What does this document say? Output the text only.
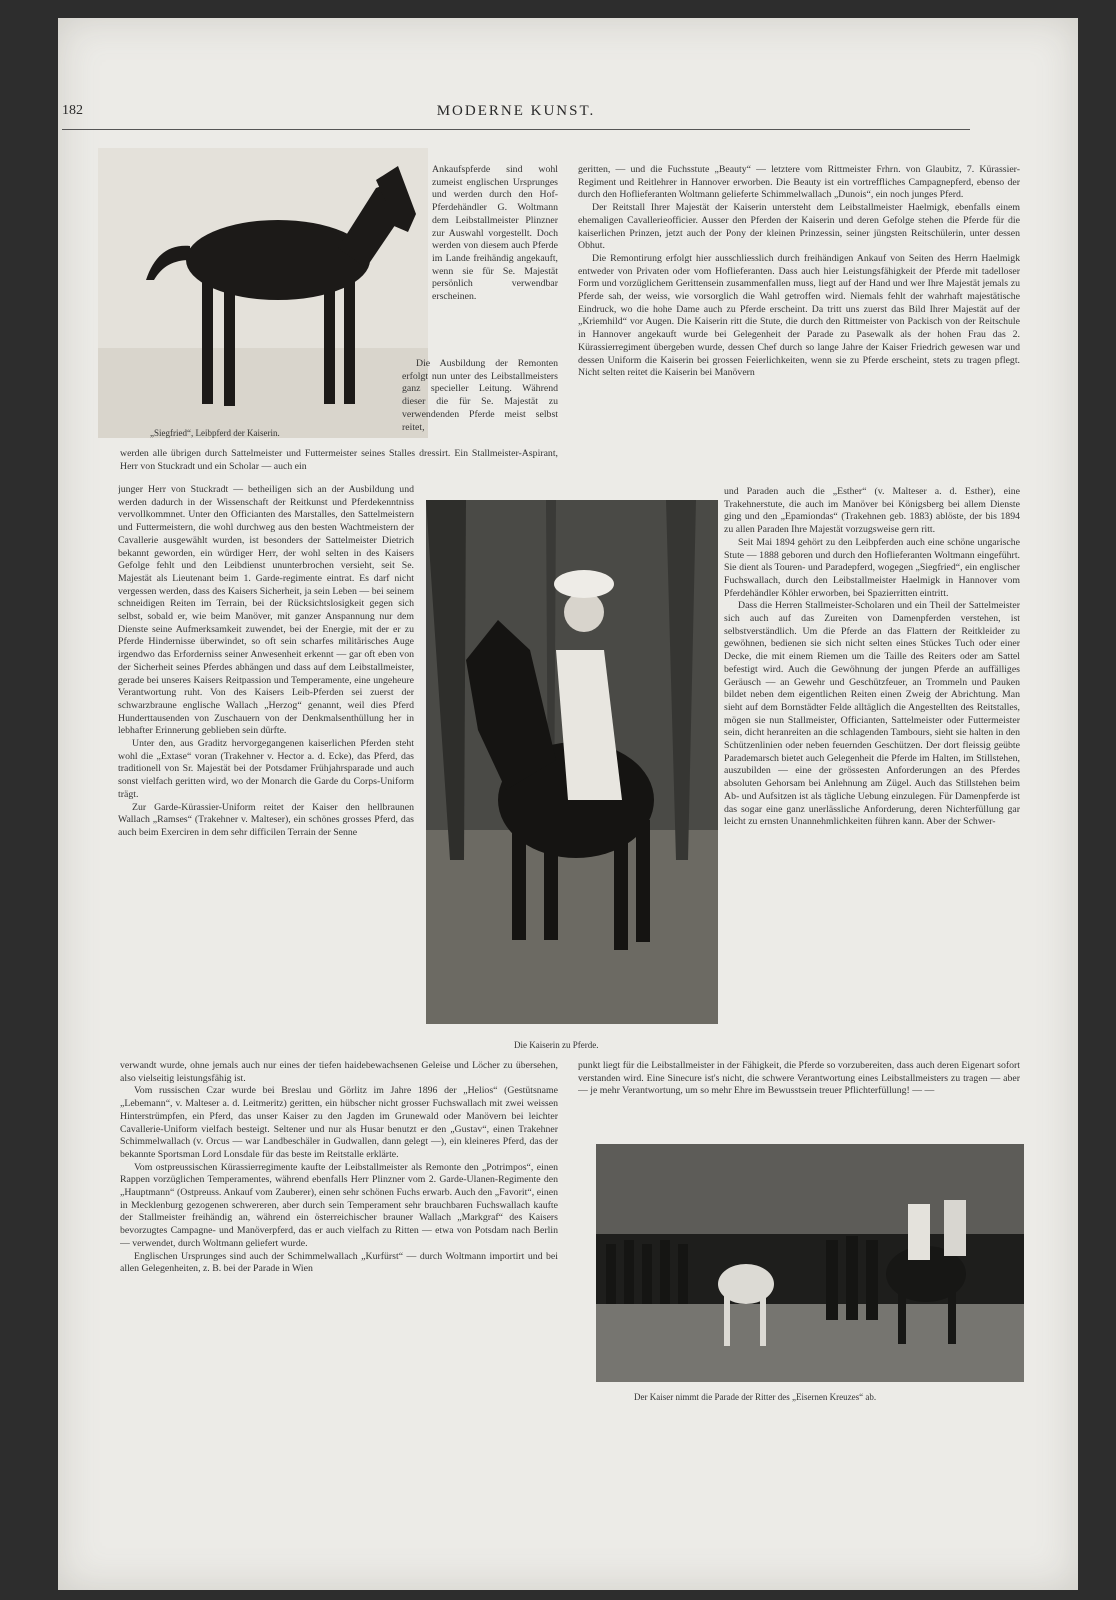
182	MODERNE KUNST.
„Siegfried“, Leibpferd der Kaiserin.

Ankaufspferde sind wohl zumeist englischen Ursprunges und werden durch den Hof-Pferdehändler G. Woltmann dem Leibstallmeister Plinzner zur Auswahl vorgestellt. Doch werden von diesem auch Pferde im Lande freihändig angekauft, wenn sie für Se. Majestät persönlich verwendbar erscheinen.

Die Ausbildung der Remonten erfolgt nun unter des Leibstallmeisters ganz specieller Leitung. Während dieser die für Se. Majestät zu verwendenden Pferde meist selbst reitet,

werden alle übrigen durch Sattelmeister und Futtermeister seines Stalles dressirt. Ein Stallmeister-Aspirant, Herr von Stuckradt und ein Scholar — auch ein

junger Herr von Stuckradt — betheiligen sich an der Ausbildung und werden dadurch in der Wissenschaft der Reitkunst und Pferdekenntniss vervollkommnet. Unter den Officianten des Marstalles, den Sattelmeistern und Futtermeistern, die wohl durchweg aus den besten Wachtmeistern der Cavallerie ausgewählt wurden, ist besonders der Sattelmeister Dietrich bekannt geworden, ein würdiger Herr, der wohl selten in des Kaisers Gefolge fehlt und den Leibdienst ununterbrochen versieht, seit Se. Majestät als Lieutenant beim 1. Garde-regimente eintrat. Es darf nicht vergessen werden, dass des Kaisers Sicherheit, ja sein Leben — bei seinem schneidigen Reiten im Terrain, bei der Rücksichtslosigkeit gegen sich selbst, sobald er, wie beim Manöver, mit ganzer Anspannung nur dem Dienste seine Aufmerksamkeit zuwendet, bei der Energie, mit der er zu Pferde Hindernisse überwindet, so oft sein scharfes militärisches Auge irgendwo das Erforderniss seiner Anwesenheit erkennt — gar oft eben von der Sicherheit seines Pferdes abhängen und dass auf dem Leibstallmeister, gerade bei unseres Kaisers Reitpassion und Temperamente, eine ungeheure Verantwortung ruht. Von des Kaisers Leib-Pferden sei zuerst der schwarzbraune englische Wallach „Herzog“ genannt, weil dies Pferd Hunderttausenden von Zuschauern von der Denkmalsenthüllung her in lebhafter Erinnerung geblieben sein dürfte.

Unter den, aus Graditz hervorgegangenen kaiserlichen Pferden steht wohl die „Extase“ voran (Trakehner v. Hector a. d. Ecke), das Pferd, das traditionell von Sr. Majestät bei der Potsdamer Frühjahrsparade und auch sonst vielfach geritten wird, wo der Monarch die Garde du Corps-Uniform trägt.

Zur Garde-Kürassier-Uniform reitet der Kaiser den hellbraunen Wallach „Ramses“ (Trakehner v. Malteser), ein schönes grosses Pferd, das auch beim Exerciren in dem sehr difficilen Terrain der Senne

Die Kaiserin zu Pferde.

verwandt wurde, ohne jemals auch nur eines der tiefen haidebewachsenen Geleise und Löcher zu übersehen, also vielseitig leistungsfähig ist.

Vom russischen Czar wurde bei Breslau und Görlitz im Jahre 1896 der „Helios“ (Gestütsname „Lebemann“, v. Malteser a. d. Leitmeritz) geritten, ein hübscher nicht grosser Fuchswallach mit zwei weissen Hinterstrümpfen, ein Pferd, das unser Kaiser zu den Jagden im Grunewald oder Manövern bei leichter Cavallerie-Uniform vielfach besteigt. Seltener und nur als Husar benutzt er den „Gustav“, einen Trakehner Schimmelwallach (v. Orcus — war Landbeschäler in Gudwallen, dann gelegt —), ein kleineres Pferd, das der bekannte Sportsman Lord Lonsdale für das beste im Reitstalle erklärte.

Vom ostpreussischen Kürassierregimente kaufte der Leibstallmeister als Remonte den „Potrimpos“, einen Rappen vorzüglichen Temperamentes, während ebenfalls Herr Plinzner vom 2. Garde-Ulanen-Regimente den „Hauptmann“ (Ostpreuss. Ankauf vom Zauberer), einen sehr schönen Fuchs erwarb. Auch den „Favorit“, einen in Mecklenburg gezogenen schwereren, aber durch sein Temperament sehr brauchbaren Fuchswallach kaufte der Stallmeister freihändig an, während ein österreichischer brauner Wallach „Markgraf“ des Kaisers bevorzugtes Campagne- und Manöverpferd, das er auch vielfach zu Ritten — etwa von Potsdam nach Berlin — verwendet, durch Woltmann geliefert wurde.

Englischen Ursprunges sind auch der Schimmelwallach „Kurfürst“ — durch Woltmann importirt und bei allen Gelegenheiten, z. B. bei der Parade in Wien

geritten, — und die Fuchsstute „Beauty“ — letztere vom Rittmeister Frhrn. von Glaubitz, 7. Kürassier-Regiment und Reitlehrer in Hannover erworben. Die Beauty ist ein vortreffliches Campagnepferd, ebenso der durch den Hoflieferanten Woltmann gelieferte Schimmelwallach „Dunois“, ein noch junges Pferd.

Der Reitstall Ihrer Majestät der Kaiserin untersteht dem Leibstallmeister Haelmigk, ebenfalls einem ehemaligen Cavallerieofficier. Ausser den Pferden der Kaiserin und deren Gefolge stehen die Pferde für die kaiserlichen Prinzen, jetzt auch der Pony der kleinen Prinzessin, seiner jüngsten Reitschülerin, unter dessen Obhut.

Die Remontirung erfolgt hier ausschliesslich durch freihändigen Ankauf von Seiten des Herrn Haelmigk entweder von Privaten oder vom Hoflieferanten. Dass auch hier Leistungsfähigkeit der Pferde mit tadelloser Form und vorzüglichem Gerittensein zusammenfallen muss, liegt auf der Hand und wer Ihre Majestät jemals zu Pferde sah, der weiss, wie vorsorglich die Wahl getroffen wird. Niemals fehlt der wahrhaft majestätische Eindruck, wo die hohe Dame auch zu Pferde erscheint. Da tritt uns zuerst das Bild Ihrer Majestät auf der „Kriemhild“ vor Augen. Die Kaiserin ritt die Stute, die durch den Rittmeister von Packisch von der Reitschule in Hannover angekauft wurde bei Gelegenheit der Parade zu Pasewalk als der hohen Frau das 2. Kürassierregiment übergeben wurde, dessen Chef durch so lange Jahre der Kaiser Friedrich gewesen war und dessen Uniform die Kaiserin bei grossen Feierlichkeiten, wenn sie zu Pferde erscheint, stets zu tragen pflegt. Nicht selten reitet die Kaiserin bei Manövern

und Paraden auch die „Esther“ (v. Malteser a. d. Esther), eine Trakehnerstute, die auch im Manöver bei Königsberg bei allem Dienste ging und den „Epamiondas“ (Trakehnen geb. 1883) ablöste, der bis 1894 zu allen Paraden Ihre Majestät vorzugsweise gern ritt.

Seit Mai 1894 gehört zu den Leibpferden auch eine schöne ungarische Stute — 1888 geboren und durch den Hoflieferanten Woltmann eingeführt. Sie dient als Touren- und Paradepferd, wogegen „Siegfried“, ein englischer Fuchswallach, durch den Leibstallmeister Haelmigk in Hannover vom Pferdehändler Köhler erworben, bei Spazierritten eintritt.

Dass die Herren Stallmeister-Scholaren und ein Theil der Sattelmeister sich auch auf das Zureiten von Damenpferden verstehen, ist selbstverständlich. Um die Pferde an das Flattern der Reitkleider zu gewöhnen, bedienen sie sich nicht selten eines Stückes Tuch oder einer Decke, die mit einem Riemen um die Taille des Reiters oder am Sattel befestigt wird. Auch die Gewöhnung der jungen Pferde an auffälliges Geräusch — an Gewehr und Geschützfeuer, an Trommeln und Pauken bildet neben dem eigentlichen Reiten einen Zweig der Abrichtung. Man sieht auf dem Bornstädter Felde alltäglich die Angestellten des Reitstalles, mögen sie nun Stallmeister, Officianten, Sattelmeister oder Futtermeister sein, dicht heranreiten an die schlagenden Tambours, sieht sie halten in den Schützenlinien oder neben feuernden Geschützen. Der dort fleissig geübte Parademarsch bietet auch Gelegenheit die Pferde im Halten, im Stillstehen, auszubilden — eine der grössesten Anforderungen an des Pferdes absoluten Gehorsam bei Anlehnung am Zügel. Auch das Stillstehen beim Ab- und Aufsitzen ist als tägliche Uebung einzulegen. Für Damenpferde ist das sogar eine ganz unerlässliche Anforderung, deren Nichterfüllung gar leicht zu ernsten Unannehmlichkeiten führen kann. Aber der Schwer-

punkt liegt für die Leibstallmeister in der Fähigkeit, die Pferde so vorzubereiten, dass auch deren Eigenart sofort verstanden wird. Eine Sinecure ist's nicht, die schwere Verantwortung eines Leibstallmeisters zu tragen — aber — je mehr Verantwortung, um so mehr Ehre im Bewusstsein treuer Pflichterfüllung! — —

Der Kaiser nimmt die Parade der Ritter des „Eisernen Kreuzes“ ab.
